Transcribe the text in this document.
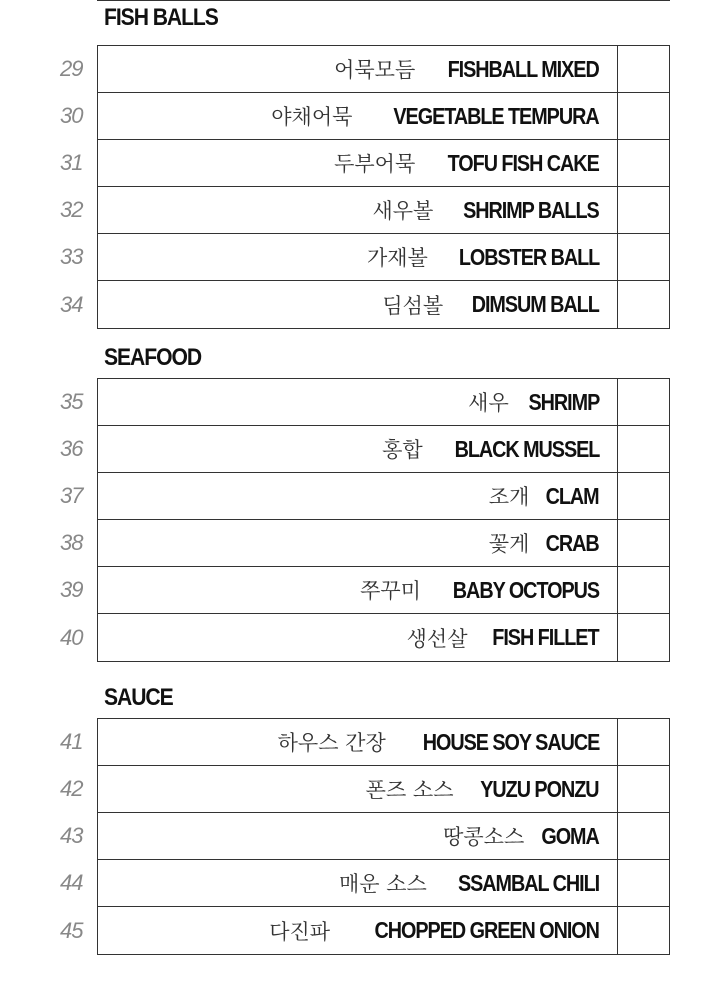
FISH BALLS
29	어묵모듬 FISHBALL MIXED
30	야채어묵 VEGETABLE TEMPURA
31	두부어묵 TOFU FISH CAKE
32	새우볼 SHRIMP BALLS
33	가재볼 LOBSTER BALL
34	딤섬볼 DIMSUM BALL
SEAFOOD
35	새우 SHRIMP
36	홍합 BLACK MUSSEL
37	조개 CLAM
38	꽃게 CRAB
39	쭈꾸미 BABY OCTOPUS
40	생선살 FISH FILLET
SAUCE
41	하우스 간장 HOUSE SOY SAUCE
42	폰즈 소스 YUZU PONZU
43	땅콩소스 GOMA
44	매운 소스 SSAMBAL CHILI
45	다진파 CHOPPED GREEN ONION
